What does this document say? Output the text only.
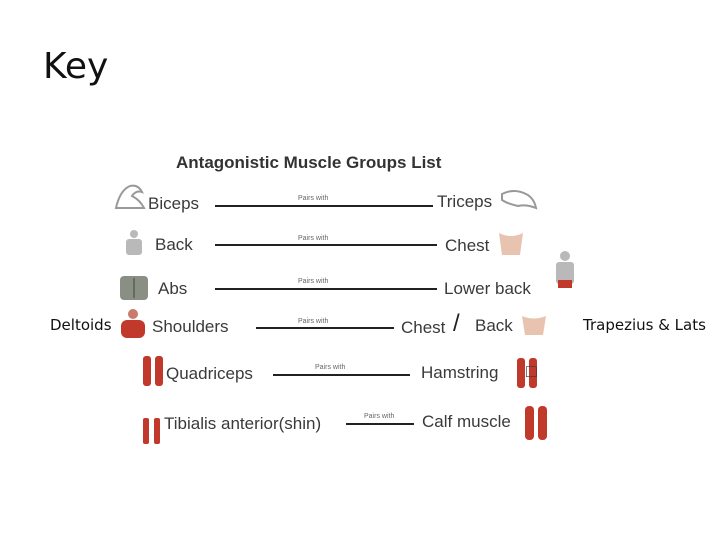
Key
Deltoids	Trapezius & Lats
Antagonistic Muscle Groups List
Biceps	Pairs with	Triceps
Back	Pairs with	Chest
Abs	Pairs with	Lower back
Shoulders	Pairs with	Chest / Back
Quadriceps	Pairs with	Hamstring □
Tibialis anterior(shin)	Pairs with Calf muscle
